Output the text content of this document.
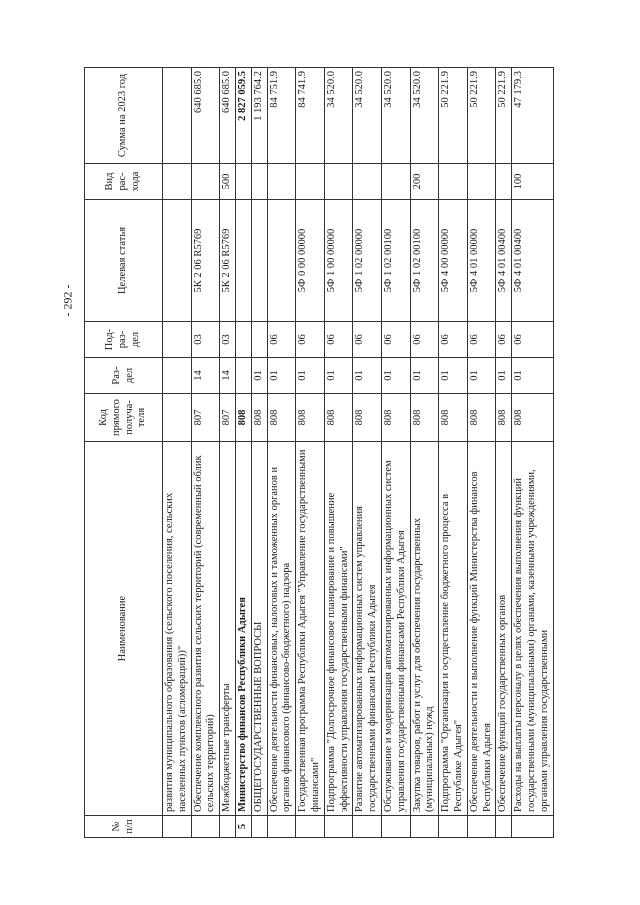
- 292 -
№ п/п	Наименование	Код прямого получа-теля	Раз-дел	Под-раз-дел	Целевая статья	Вид рас-хода	Сумма на 2023 год
	развития муниципального образования (сельского поселения, сельских населенных пунктов (агломераций))"						
	Обеспечение комплексного развития сельских территорий (современный облик сельских территорий)	807	14	03	5К 2 06 R5769		640 685.0
	Межбюджетные трансферты	807	14	03	5К 2 06 R5769	500	640 685.0
5	Министерство финансов Республики Адыгея	808					2 827 059.5
	ОБЩЕГОСУДАРСТВЕННЫЕ ВОПРОСЫ	808	01				1 193 764.2
	Обеспечение деятельности финансовых, налоговых и таможенных органов и органов финансового (финансово-бюджетного) надзора	808	01	06			84 751.9
	Государственная программа Республики Адыгея "Управление государственными финансами"	808	01	06	5Ф 0 00 00000		84 741.9
	Подпрограмма "Долгосрочное финансовое планирование и повышение эффективности управления государственными финансами"	808	01	06	5Ф 1 00 00000		34 520.0
	Развитие автоматизированных информационных систем управления государственными финансами Республики Адыгея	808	01	06	5Ф 1 02 00000		34 520.0
	Обслуживание и модернизация автоматизированных информационных систем управления государственными финансами Республики Адыгея	808	01	06	5Ф 1 02 00100		34 520.0
	Закупка товаров, работ и услуг для обеспечения государственных (муниципальных) нужд	808	01	06	5Ф 1 02 00100	200	34 520.0
	Подпрограмма "Организация и осуществление бюджетного процесса в Республике Адыгея"	808	01	06	5Ф 4 00 00000		50 221.9
	Обеспечение деятельности и выполнение функций Министерства финансов Республики Адыгея	808	01	06	5Ф 4 01 00000		50 221.9
	Обеспечение функций государственных органов	808	01	06	5Ф 4 01 00400		50 221.9
	Расходы на выплаты персоналу в целях обеспечения выполнения функций государственными (муниципальными) органами, казенными учреждениями, органами управления государственными	808	01	06	5Ф 4 01 00400	100	47 179.3
